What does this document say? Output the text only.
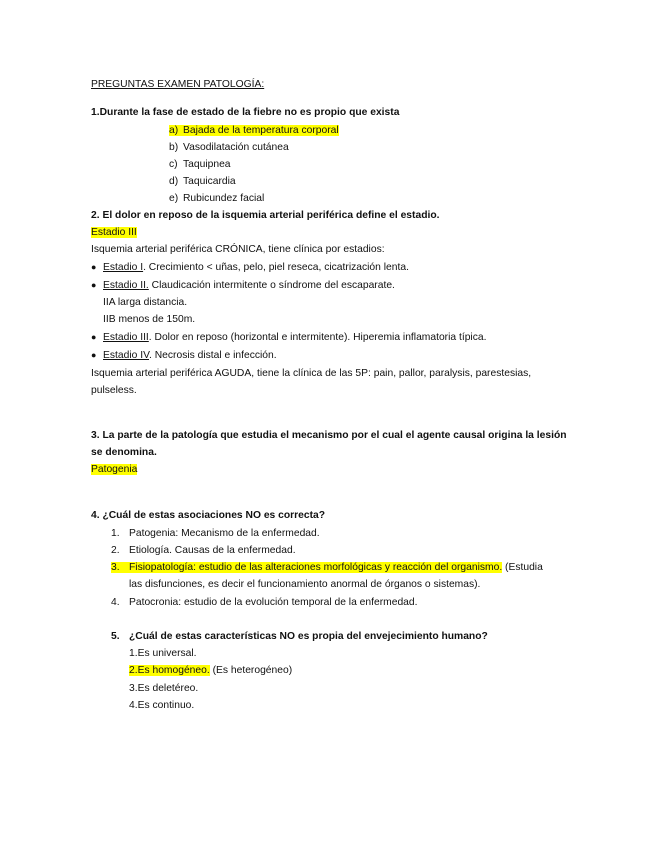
PREGUNTAS EXAMEN PATOLOGÍA:
1.Durante la fase de estado de la fiebre no es propio que exista
a) Bajada de la temperatura corporal
b) Vasodilatación cutánea
c) Taquipnea
d) Taquicardia
e) Rubicundez facial
2. El dolor en reposo de la isquemia arterial periférica define el estadio.
Estadio III
Isquemia arterial periférica CRÓNICA, tiene clínica por estadios:
● Estadio I. Crecimiento < uñas, pelo, piel reseca, cicatrización lenta.
● Estadio II. Claudicación intermitente o síndrome del escaparate.
IIA larga distancia.
IIB menos de 150m.
● Estadio III. Dolor en reposo (horizontal e intermitente). Hiperemia inflamatoria típica.
● Estadio IV. Necrosis distal e infección.
Isquemia arterial periférica AGUDA, tiene la clínica de las 5P: pain, pallor, paralysis, parestesias,
pulseless.
3. La parte de la patología que estudia el mecanismo por el cual el agente causal origina la lesión
se denomina.
Patogenia
4. ¿Cuál de estas asociaciones NO es correcta?
1. Patogenia: Mecanismo de la enfermedad.
2. Etiología. Causas de la enfermedad.
3. Fisiopatología: estudio de las alteraciones morfológicas y reacción del organismo. (Estudia
las disfunciones, es decir el funcionamiento anormal de órganos o sistemas).
4. Patocronia: estudio de la evolución temporal de la enfermedad.
5. ¿Cuál de estas características NO es propia del envejecimiento humano?
1.Es universal.
2.Es homogéneo. (Es heterogéneo)
3.Es deletéreo.
4.Es continuo.
